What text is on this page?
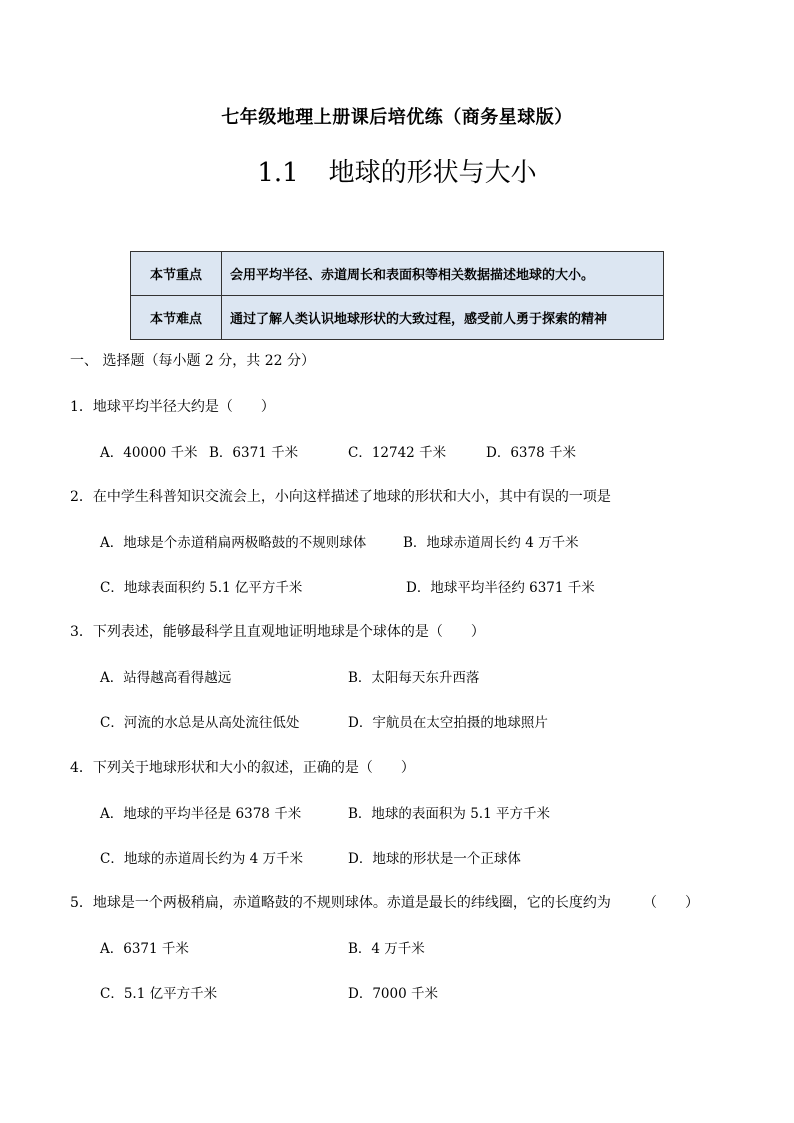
七年级地理上册课后培优练（商务星球版）
1.1 地球的形状与大小
本节重点	会用平均半径、赤道周长和表面积等相关数据描述地球的大小。
本节难点	通过了解人类认识地球形状的大致过程，感受前人勇于探索的精神
一、 选择题（每小题 2 分，共 22 分）
1．地球平均半径大约是（　　）
A．40000 千米 B．6371 千米	C．12742 千米	D．6378 千米
2．在中学生科普知识交流会上，小向这样描述了地球的形状和大小，其中有误的一项是
A．地球是个赤道稍扁两极略鼓的不规则球体	B．地球赤道周长约 4 万千米
C．地球表面积约 5.1 亿平方千米	D．地球平均半径约 6371 千米
3．下列表述，能够最科学且直观地证明地球是个球体的是（　　）
A．站得越高看得越远	B．太阳每天东升西落
C．河流的水总是从高处流往低处	D．宇航员在太空拍摄的地球照片
4．下列关于地球形状和大小的叙述，正确的是（　　）
A．地球的平均半径是 6378 千米	B．地球的表面积为 5.1 平方千米
C．地球的赤道周长约为 4 万千米	D．地球的形状是一个正球体
5．地球是一个两极稍扁，赤道略鼓的不规则球体。赤道是最长的纬线圈，它的长度约为 （　　）
A．6371 千米	B．4 万千米
C．5.1 亿平方千米	D．7000 千米
